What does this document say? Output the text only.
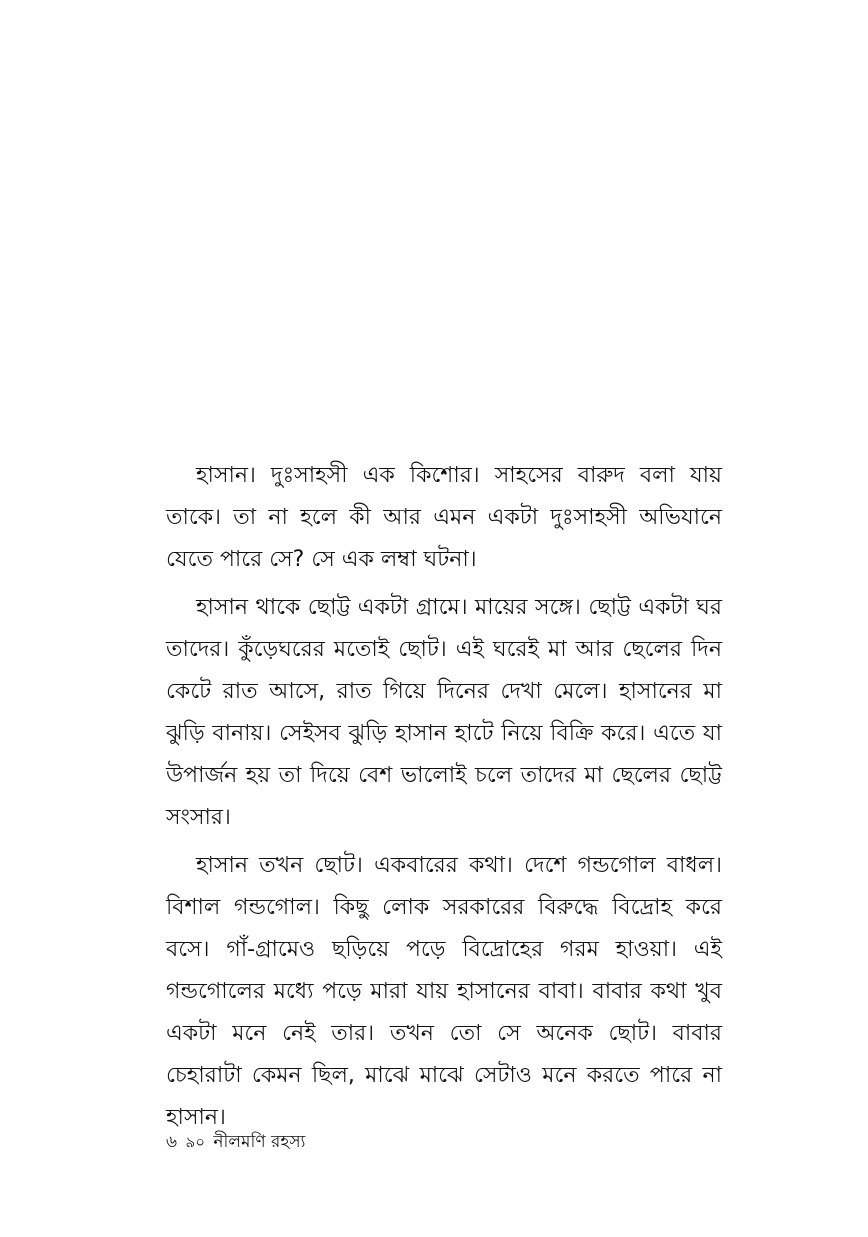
হাসান। দুঃসাহসী এক কিশোর। সাহসের বারুদ বলা যায় তাকে। তা না হলে কী আর এমন একটা দুঃসাহসী অভিযানে যেতে পারে সে? সে এক লম্বা ঘটনা।

হাসান থাকে ছোট্ট একটা গ্রামে। মায়ের সঙ্গে। ছোট্ট একটা ঘর তাদের। কুঁড়েঘরের মতোই ছোট। এই ঘরেই মা আর ছেলের দিন কেটে রাত আসে, রাত গিয়ে দিনের দেখা মেলে। হাসানের মা ঝুড়ি বানায়। সেইসব ঝুড়ি হাসান হাটে নিয়ে বিক্রি করে। এতে যা উপার্জন হয় তা দিয়ে বেশ ভালোই চলে তাদের মা ছেলের ছোট্ট সংসার।

হাসান তখন ছোট। একবারের কথা। দেশে গন্ডগোল বাধল। বিশাল গন্ডগোল। কিছু লোক সরকারের বিরুদ্ধে বিদ্রোহ করে বসে। গাঁ-গ্রামেও ছড়িয়ে পড়ে বিদ্রোহের গরম হাওয়া। এই গন্ডগোলের মধ্যে পড়ে মারা যায় হাসানের বাবা। বাবার কথা খুব একটা মনে নেই তার। তখন তো সে অনেক ছোট। বাবার চেহারাটা কেমন ছিল, মাঝে মাঝে সেটাও মনে করতে পারে না হাসান।

৬ ৯০ নীলমণি রহস্য
